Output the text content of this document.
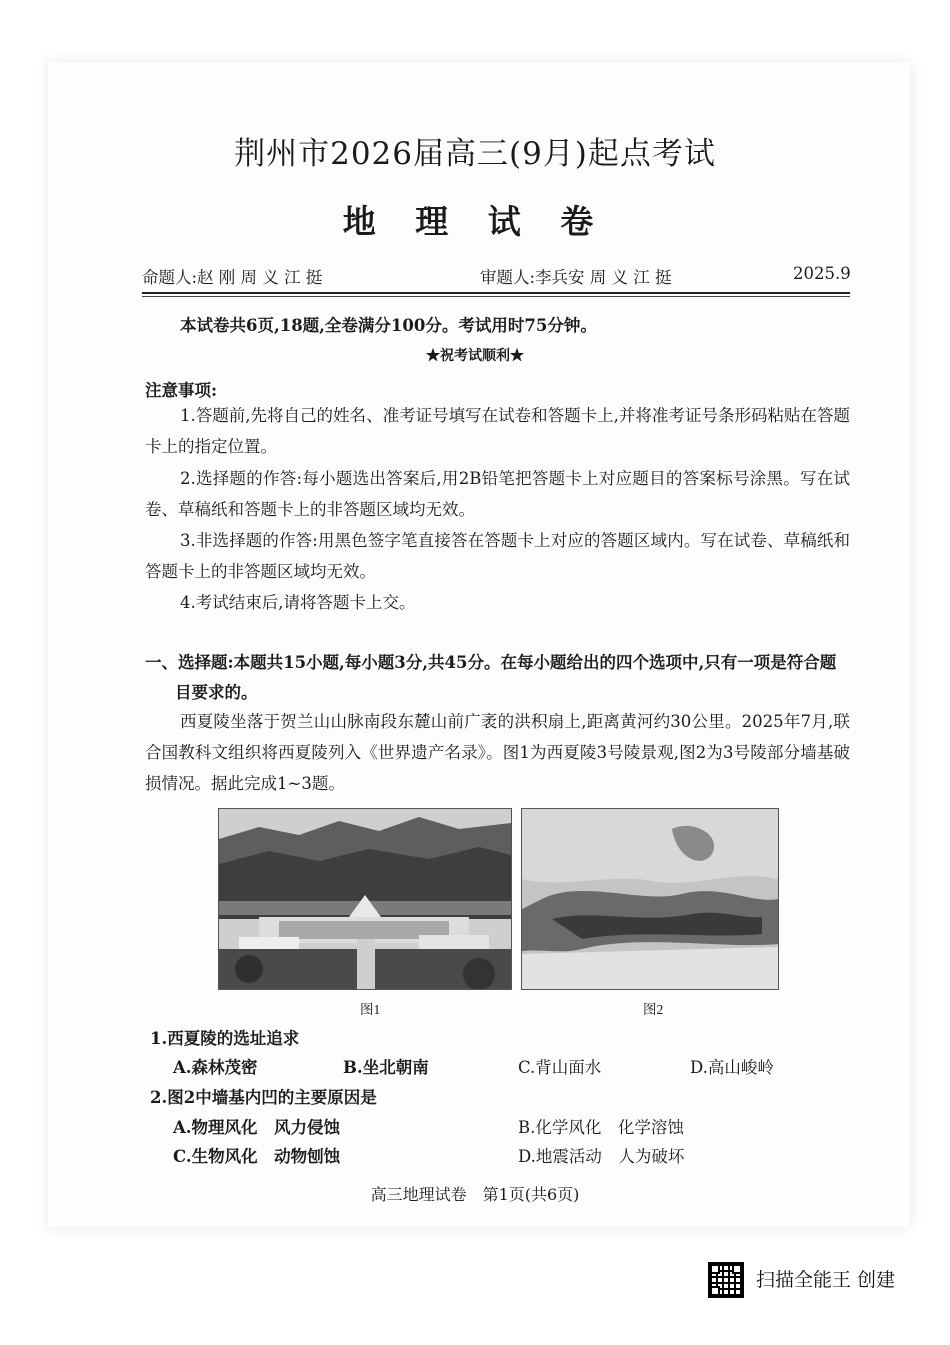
荆州市2026届高三(9月)起点考试
地 理 试 卷
命题人:赵 刚 周 义 江 挺	审题人:李兵安 周 义 江 挺	2025.9
本试卷共6页,18题,全卷满分100分。考试用时75分钟。
★祝考试顺利★
注意事项:
1.答题前,先将自己的姓名、准考证号填写在试卷和答题卡上,并将准考证号条形码粘贴在答题卡上的指定位置。
2.选择题的作答:每小题选出答案后,用2B铅笔把答题卡上对应题目的答案标号涂黑。写在试卷、草稿纸和答题卡上的非答题区域均无效。
3.非选择题的作答:用黑色签字笔直接答在答题卡上对应的答题区域内。写在试卷、草稿纸和答题卡上的非答题区域均无效。
4.考试结束后,请将答题卡上交。
一、选择题:本题共15小题,每小题3分,共45分。在每小题给出的四个选项中,只有一项是符合题目要求的。
西夏陵坐落于贺兰山山脉南段东麓山前广袤的洪积扇上,距离黄河约30公里。2025年7月,联合国教科文组织将西夏陵列入《世界遗产名录》。图1为西夏陵3号陵景观,图2为3号陵部分墙基破损情况。据此完成1~3题。
图1	图2
1.西夏陵的选址追求
A.森林茂密	B.坐北朝南	C.背山面水	D.高山峻岭
2.图2中墙基内凹的主要原因是
A.物理风化　风力侵蚀	B.化学风化　化学溶蚀
C.生物风化　动物刨蚀	D.地震活动　人为破坏
高三地理试卷　第1页(共6页)
扫描全能王 创建
